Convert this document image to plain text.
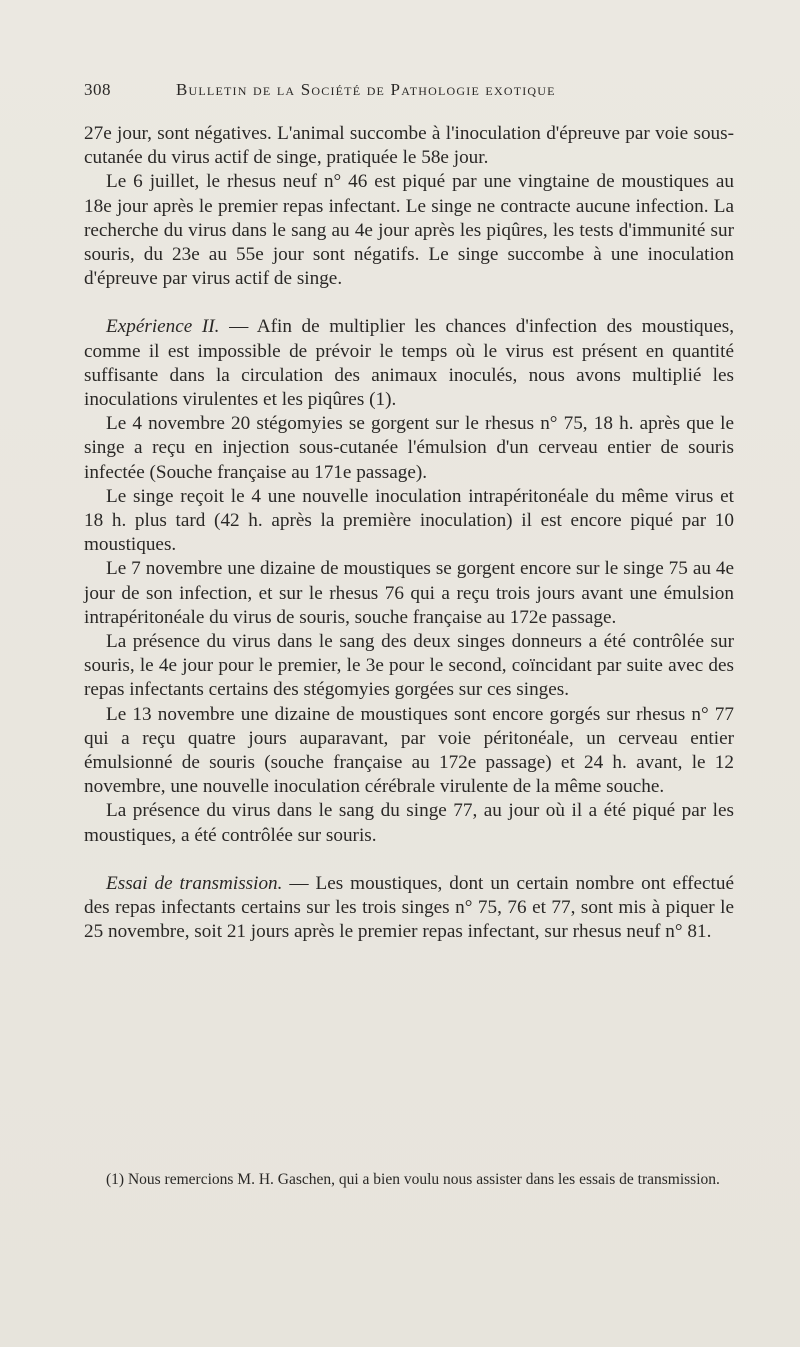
308	Bulletin de la Société de Pathologie exotique

27e jour, sont négatives. L'animal succombe à l'inoculation d'épreuve par voie sous-cutanée du virus actif de singe, pratiquée le 58e jour.

Le 6 juillet, le rhesus neuf n° 46 est piqué par une vingtaine de moustiques au 18e jour après le premier repas infectant. Le singe ne contracte aucune infection. La recherche du virus dans le sang au 4e jour après les piqûres, les tests d'immunité sur souris, du 23e au 55e jour sont négatifs. Le singe succombe à une inoculation d'épreuve par virus actif de singe.

Expérience II. — Afin de multiplier les chances d'infection des moustiques, comme il est impossible de prévoir le temps où le virus est présent en quantité suffisante dans la circulation des animaux inoculés, nous avons multiplié les inoculations virulentes et les piqûres (1).

Le 4 novembre 20 stégomyies se gorgent sur le rhesus n° 75, 18 h. après que le singe a reçu en injection sous-cutanée l'émulsion d'un cerveau entier de souris infectée (Souche française au 171e passage).

Le singe reçoit le 4 une nouvelle inoculation intrapéritonéale du même virus et 18 h. plus tard (42 h. après la première inoculation) il est encore piqué par 10 moustiques.

Le 7 novembre une dizaine de moustiques se gorgent encore sur le singe 75 au 4e jour de son infection, et sur le rhesus 76 qui a reçu trois jours avant une émulsion intrapéritonéale du virus de souris, souche française au 172e passage.

La présence du virus dans le sang des deux singes donneurs a été contrôlée sur souris, le 4e jour pour le premier, le 3e pour le second, coïncidant par suite avec des repas infectants certains des stégomyies gorgées sur ces singes.

Le 13 novembre une dizaine de moustiques sont encore gorgés sur rhesus n° 77 qui a reçu quatre jours auparavant, par voie péritonéale, un cerveau entier émulsionné de souris (souche française au 172e passage) et 24 h. avant, le 12 novembre, une nouvelle inoculation cérébrale virulente de la même souche.

La présence du virus dans le sang du singe 77, au jour où il a été piqué par les moustiques, a été contrôlée sur souris.

Essai de transmission. — Les moustiques, dont un certain nombre ont effectué des repas infectants certains sur les trois singes n° 75, 76 et 77, sont mis à piquer le 25 novembre, soit 21 jours après le premier repas infectant, sur rhesus neuf n° 81.

(1) Nous remercions M. H. Gaschen, qui a bien voulu nous assister dans les essais de transmission.
